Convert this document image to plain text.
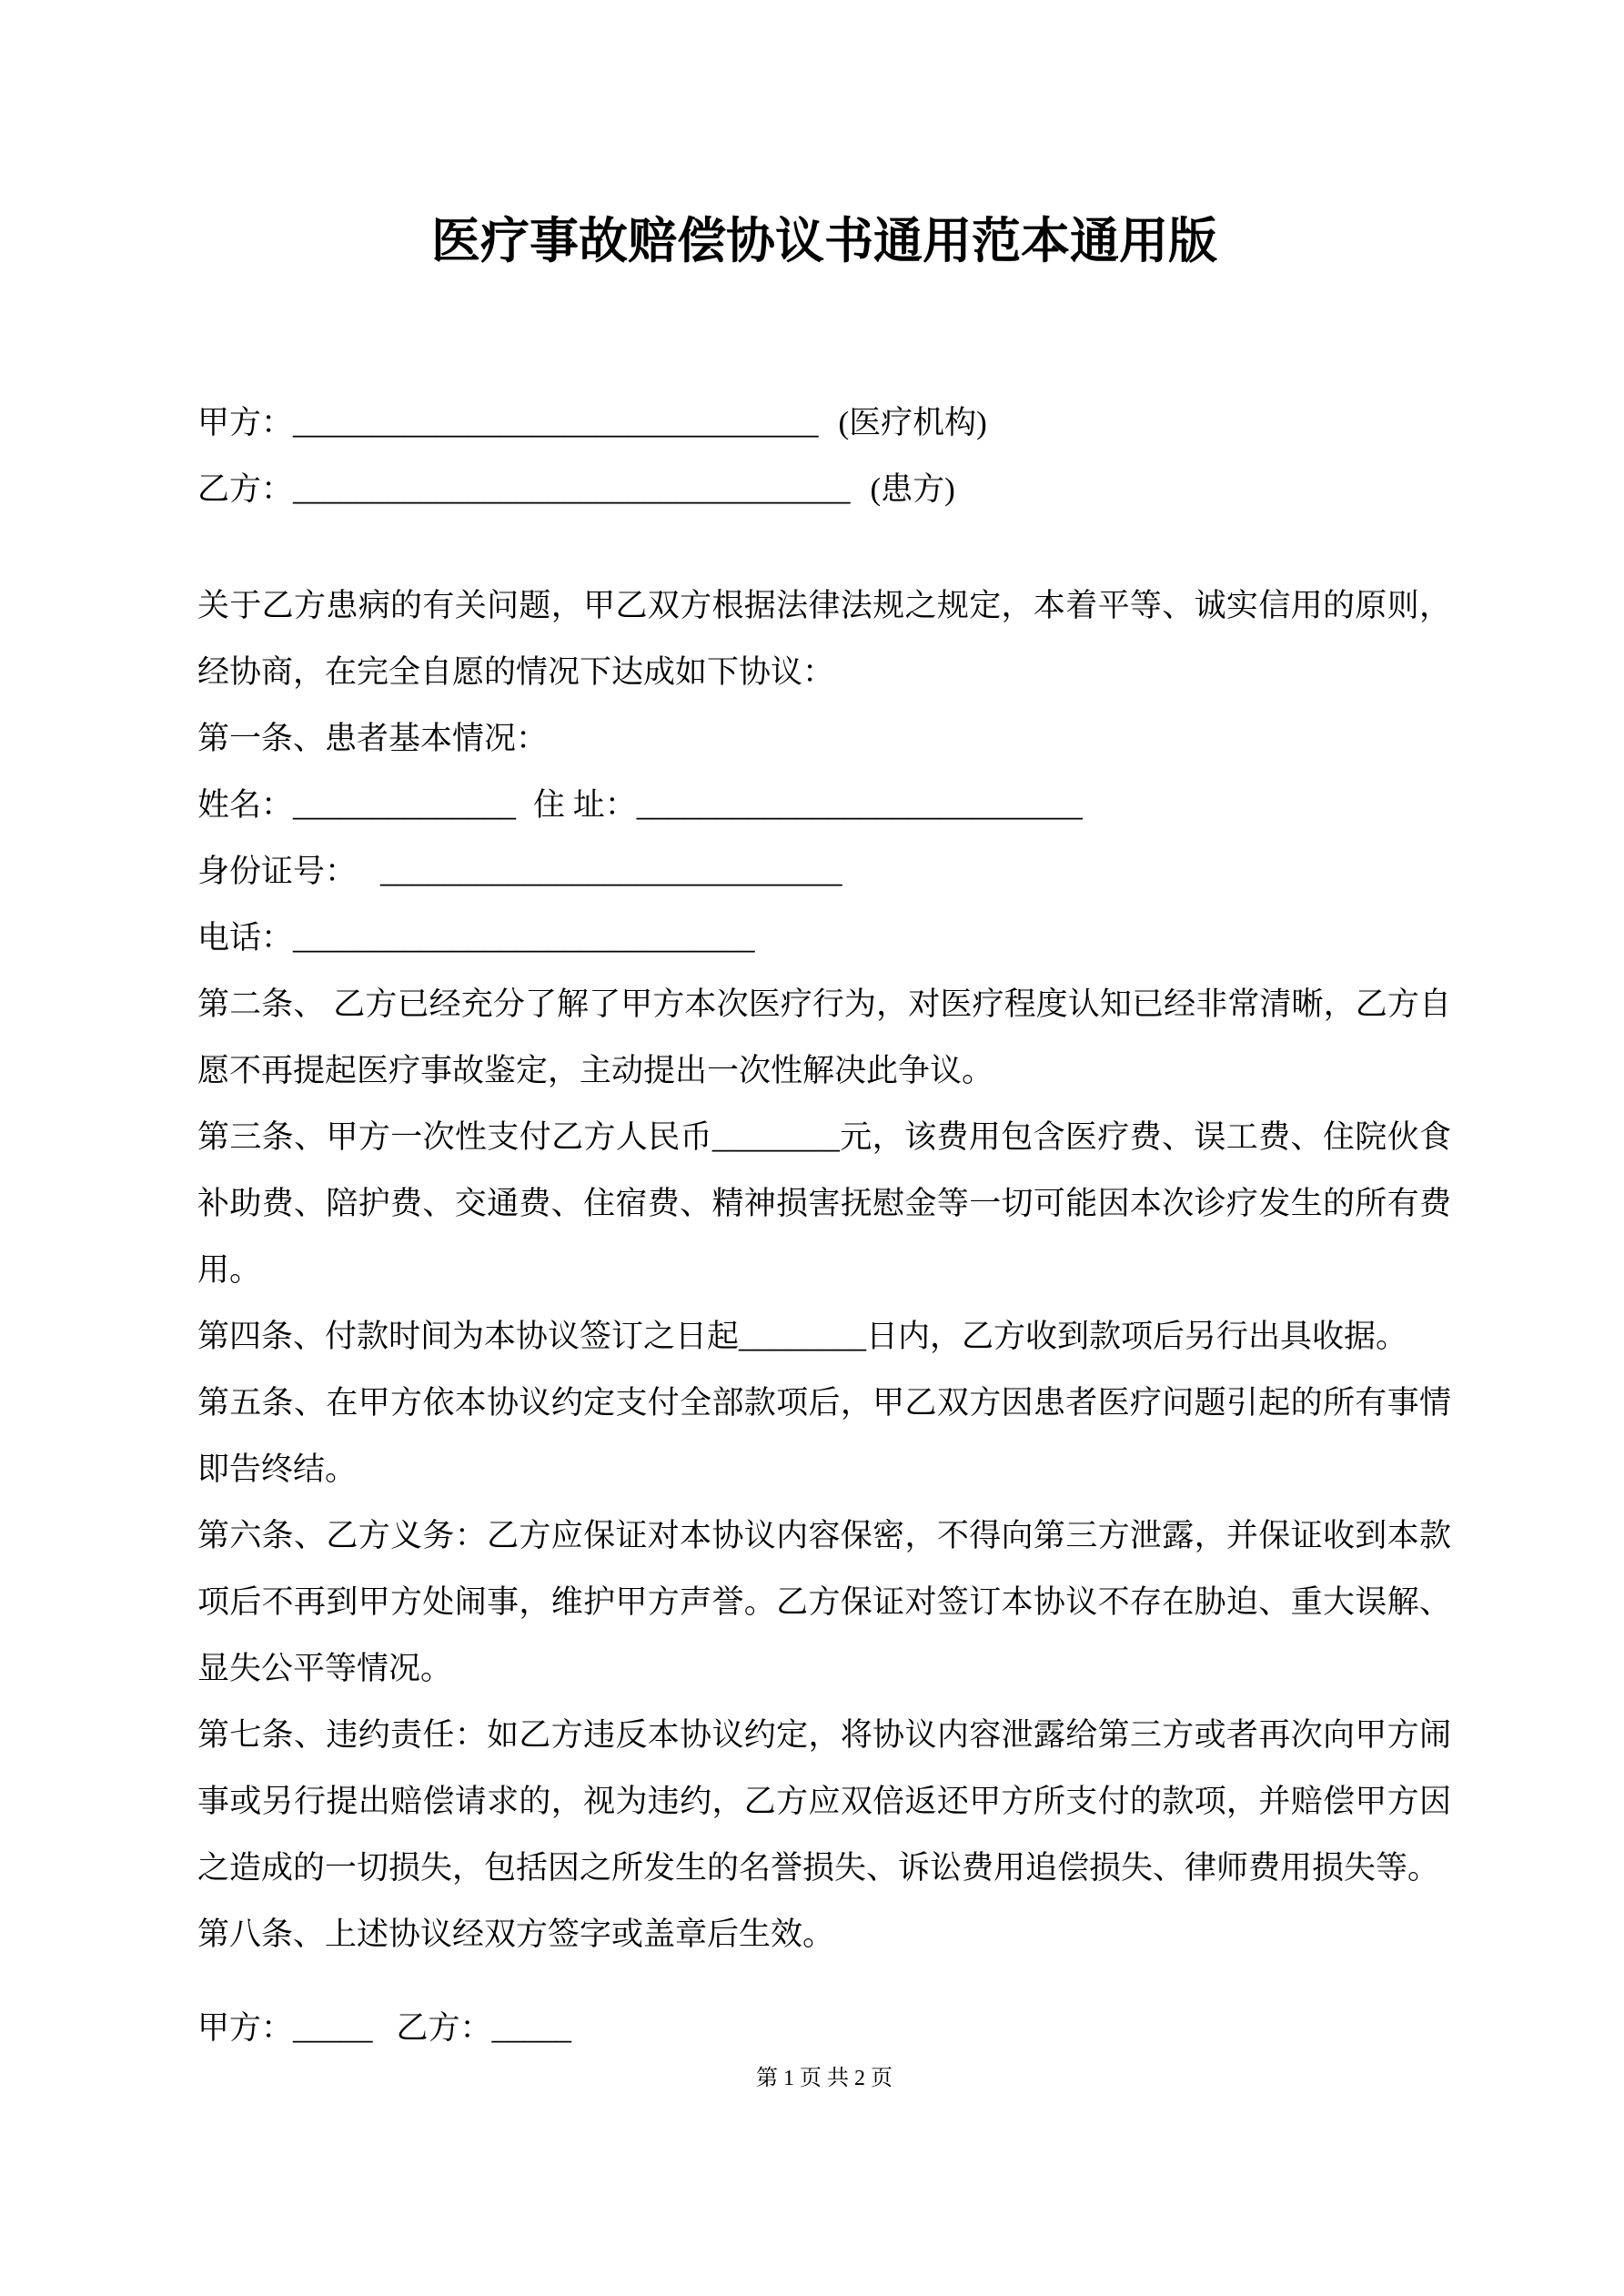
医疗事故赔偿协议书通用范本通用版
甲方：_________________________________ (医疗机构)
乙方：___________________________________ (患方)

关于乙方患病的有关问题，甲乙双方根据法律法规之规定，本着平等、诚实信用的原则，经协商，在完全自愿的情况下达成如下协议：

第一条、患者基本情况：

姓名：______________ 住 址：____________________________
身份证号： _____________________________
电话：_____________________________

第二条、 乙方已经充分了解了甲方本次医疗行为，对医疗程度认知已经非常清晰，乙方自愿不再提起医疗事故鉴定，主动提出一次性解决此争议。

第三条、甲方一次性支付乙方人民币________元，该费用包含医疗费、误工费、住院伙食补助费、陪护费、交通费、住宿费、精神损害抚慰金等一切可能因本次诊疗发生的所有费用。

第四条、付款时间为本协议签订之日起________日内，乙方收到款项后另行出具收据。

第五条、在甲方依本协议约定支付全部款项后，甲乙双方因患者医疗问题引起的所有事情即告终结。

第六条、乙方义务：乙方应保证对本协议内容保密，不得向第三方泄露，并保证收到本款项后不再到甲方处闹事，维护甲方声誉。乙方保证对签订本协议不存在胁迫、重大误解、显失公平等情况。

第七条、违约责任：如乙方违反本协议约定，将协议内容泄露给第三方或者再次向甲方闹事或另行提出赔偿请求的，视为违约，乙方应双倍返还甲方所支付的款项，并赔偿甲方因之造成的一切损失，包括因之所发生的名誉损失、诉讼费用追偿损失、律师费用损失等。

第八条、上述协议经双方签字或盖章后生效。

甲方：_____ 乙方：_____
第 1 页 共 2 页
